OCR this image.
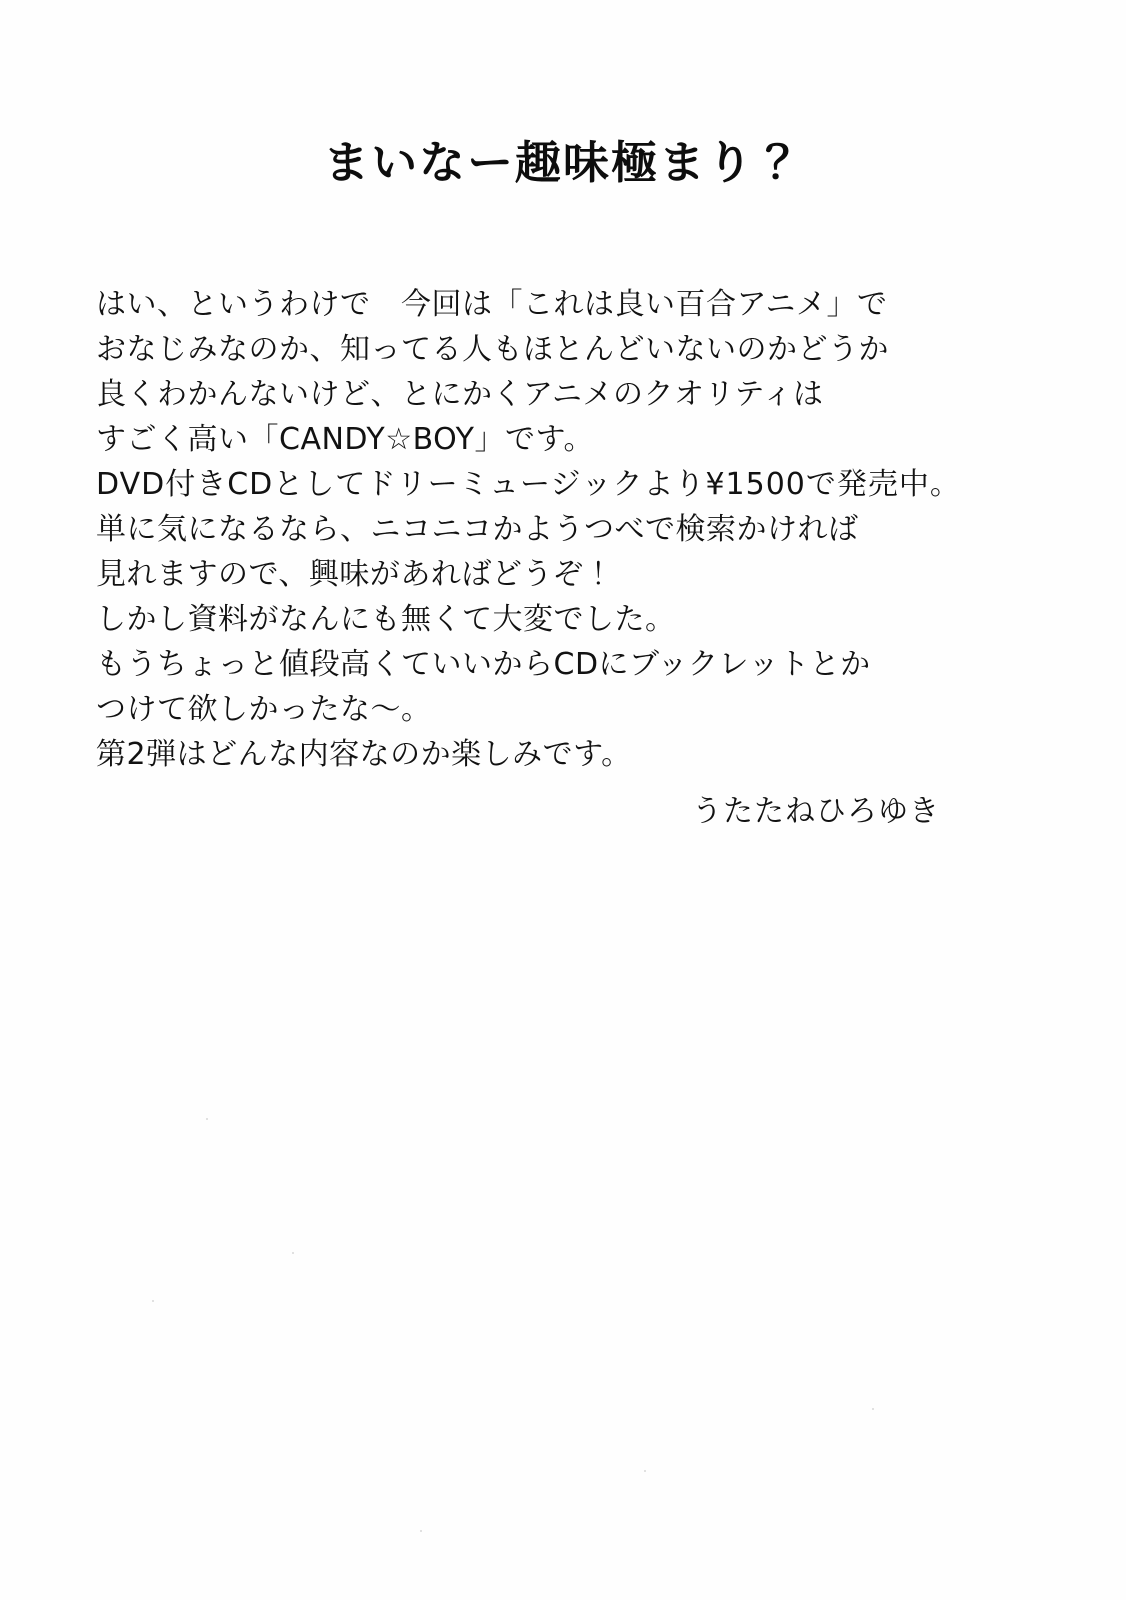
まいなー趣味極まり？
はい、というわけで　今回は「これは良い百合アニメ」で
おなじみなのか、知ってる人もほとんどいないのかどうか
良くわかんないけど、とにかくアニメのクオリティは
すごく高い「CANDY☆BOY」です。
DVD付きCDとしてドリーミュージックより¥1500で発売中。
単に気になるなら、ニコニコかようつべで検索かければ
見れますので、興味があればどうぞ！
しかし資料がなんにも無くて大変でした。
もうちょっと値段高くていいからCDにブックレットとか
つけて欲しかったな～。
第2弾はどんな内容なのか楽しみです。
うたたねひろゆき
